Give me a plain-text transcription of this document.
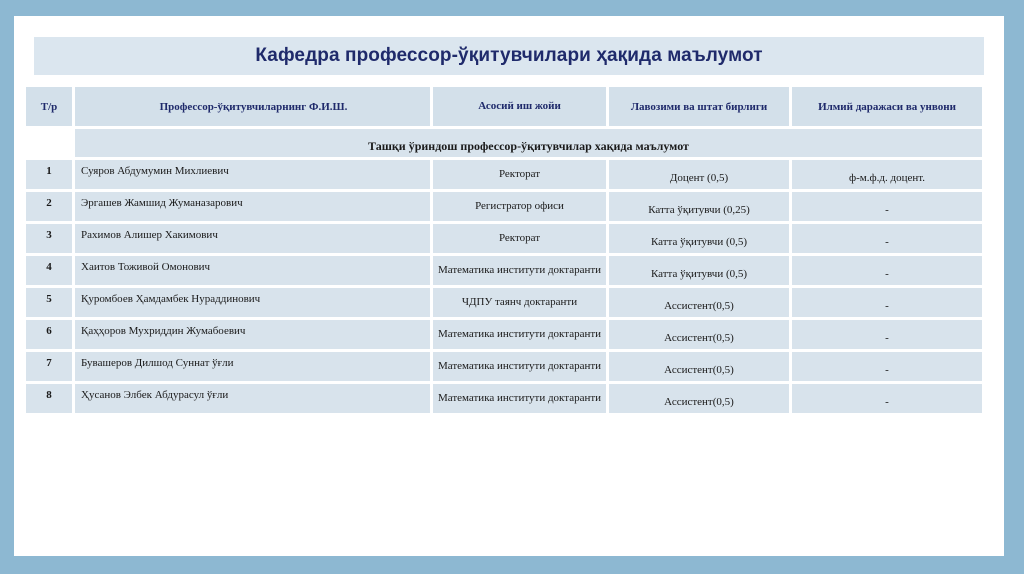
Кафедра профессор-ўқитувчилари ҳақида маълумот
Т/р	Профессор-ўқитувчиларнинг Ф.И.Ш.	Асосий иш жойи	Лавозими ва штат бирлиги	Илмий даражаси ва унвони
	Ташқи ўриндош профессор-ўқитувчилар хақида маълумот			
1	Суяров Абдумумин Михлиевич	Ректорат	Доцент (0,5)	ф-м.ф.д. доцент.
2	Эргашев Жамшид Жуманазарович	Регистратор офиси	Катта ўқитувчи (0,25)	-
3	Рахимов Алишер Хакимович	Ректорат	Катта ўқитувчи (0,5)	-
4	Хаитов Тоживой Омонович	Математика институти доктаранти	Катта ўқитувчи (0,5)	-
5	Қуромбоев Ҳамдамбек Нураддинович	ЧДПУ таянч доктаранти	Ассистент(0,5)	-
6	Қаҳҳоров Мухриддин Жумабоевич	Математика институти доктаранти	Ассистент(0,5)	-
7	Бувашеров Дилшод Суннат ўғли	Математика институти доктаранти	Ассистент(0,5)	-
8	Ҳусанов Элбек Абдурасул ўғли	Математика институти доктаранти	Ассистент(0,5)	-
